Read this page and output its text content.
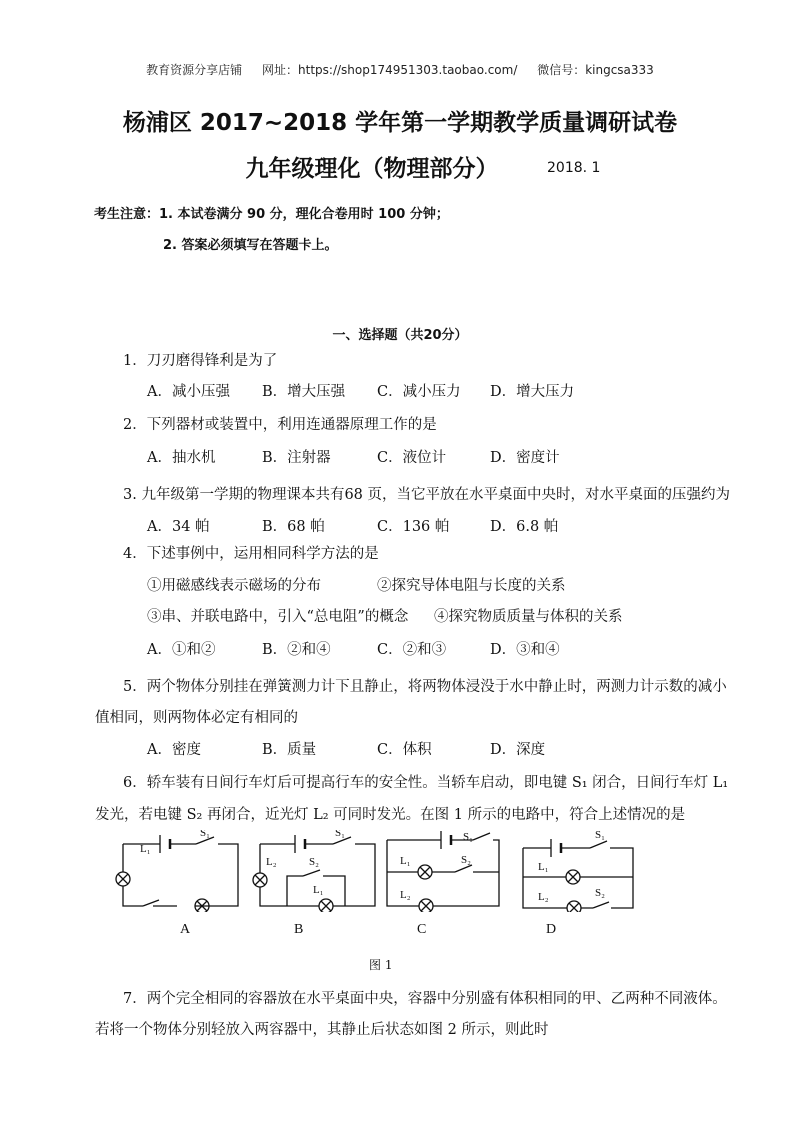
教育资源分享店铺 网址：https://shop174951303.taobao.com/ 微信号：kingcsa333
杨浦区 2017~2018 学年第一学期教学质量调研试卷
九年级理化（物理部分）	2018. 1
考生注意：1. 本试卷满分 90 分，理化合卷用时 100 分钟；
2. 答案必须填写在答题卡上。
一、选择题（共20分）
1．刀刃磨得锋利是为了
A．减小压强 B．增大压强 C．减小压力 D．增大压力
2．下列器材或装置中，利用连通器原理工作的是
A．抽水机	B．注射器	C．液位计	D．密度计
3. 九年级第一学期的物理课本共有68 页，当它平放在水平桌面中央时，对水平桌面的压强约为
A．34 帕	B．68 帕	C．136 帕	D．6.8 帕
4．下述事例中，运用相同科学方法的是
①用磁感线表示磁场的分布	②探究导体电阻与长度的关系
③串、并联电路中，引入“总电阻”的概念 ④探究物质质量与体积的关系
A．①和②	B．②和④	C．②和③	D．③和④
5．两个物体分别挂在弹簧测力计下且静止，将两物体浸没于水中静止时，两测力计示数的减小
值相同，则两物体必定有相同的
A．密度	B．质量	C．体积	D．深度
6．轿车装有日间行车灯后可提高行车的安全性。当轿车启动，即电键 S₁ 闭合，日间行车灯 L₁
发光，若电键 S₂ 再闭合，近光灯 L₂ 可同时发光。在图 1 所示的电路中，符合上述情况的是
S₁
L₁
S₁
L₂	S₂
L₁
S₁
L₁	S₂
L₂
S₁
L₁
S₂
L₂
A	B	C	D
图 1
7．两个完全相同的容器放在水平桌面中央，容器中分别盛有体积相同的甲、乙两种不同液体。
若将一个物体分别轻放入两容器中，其静止后状态如图 2 所示，则此时
